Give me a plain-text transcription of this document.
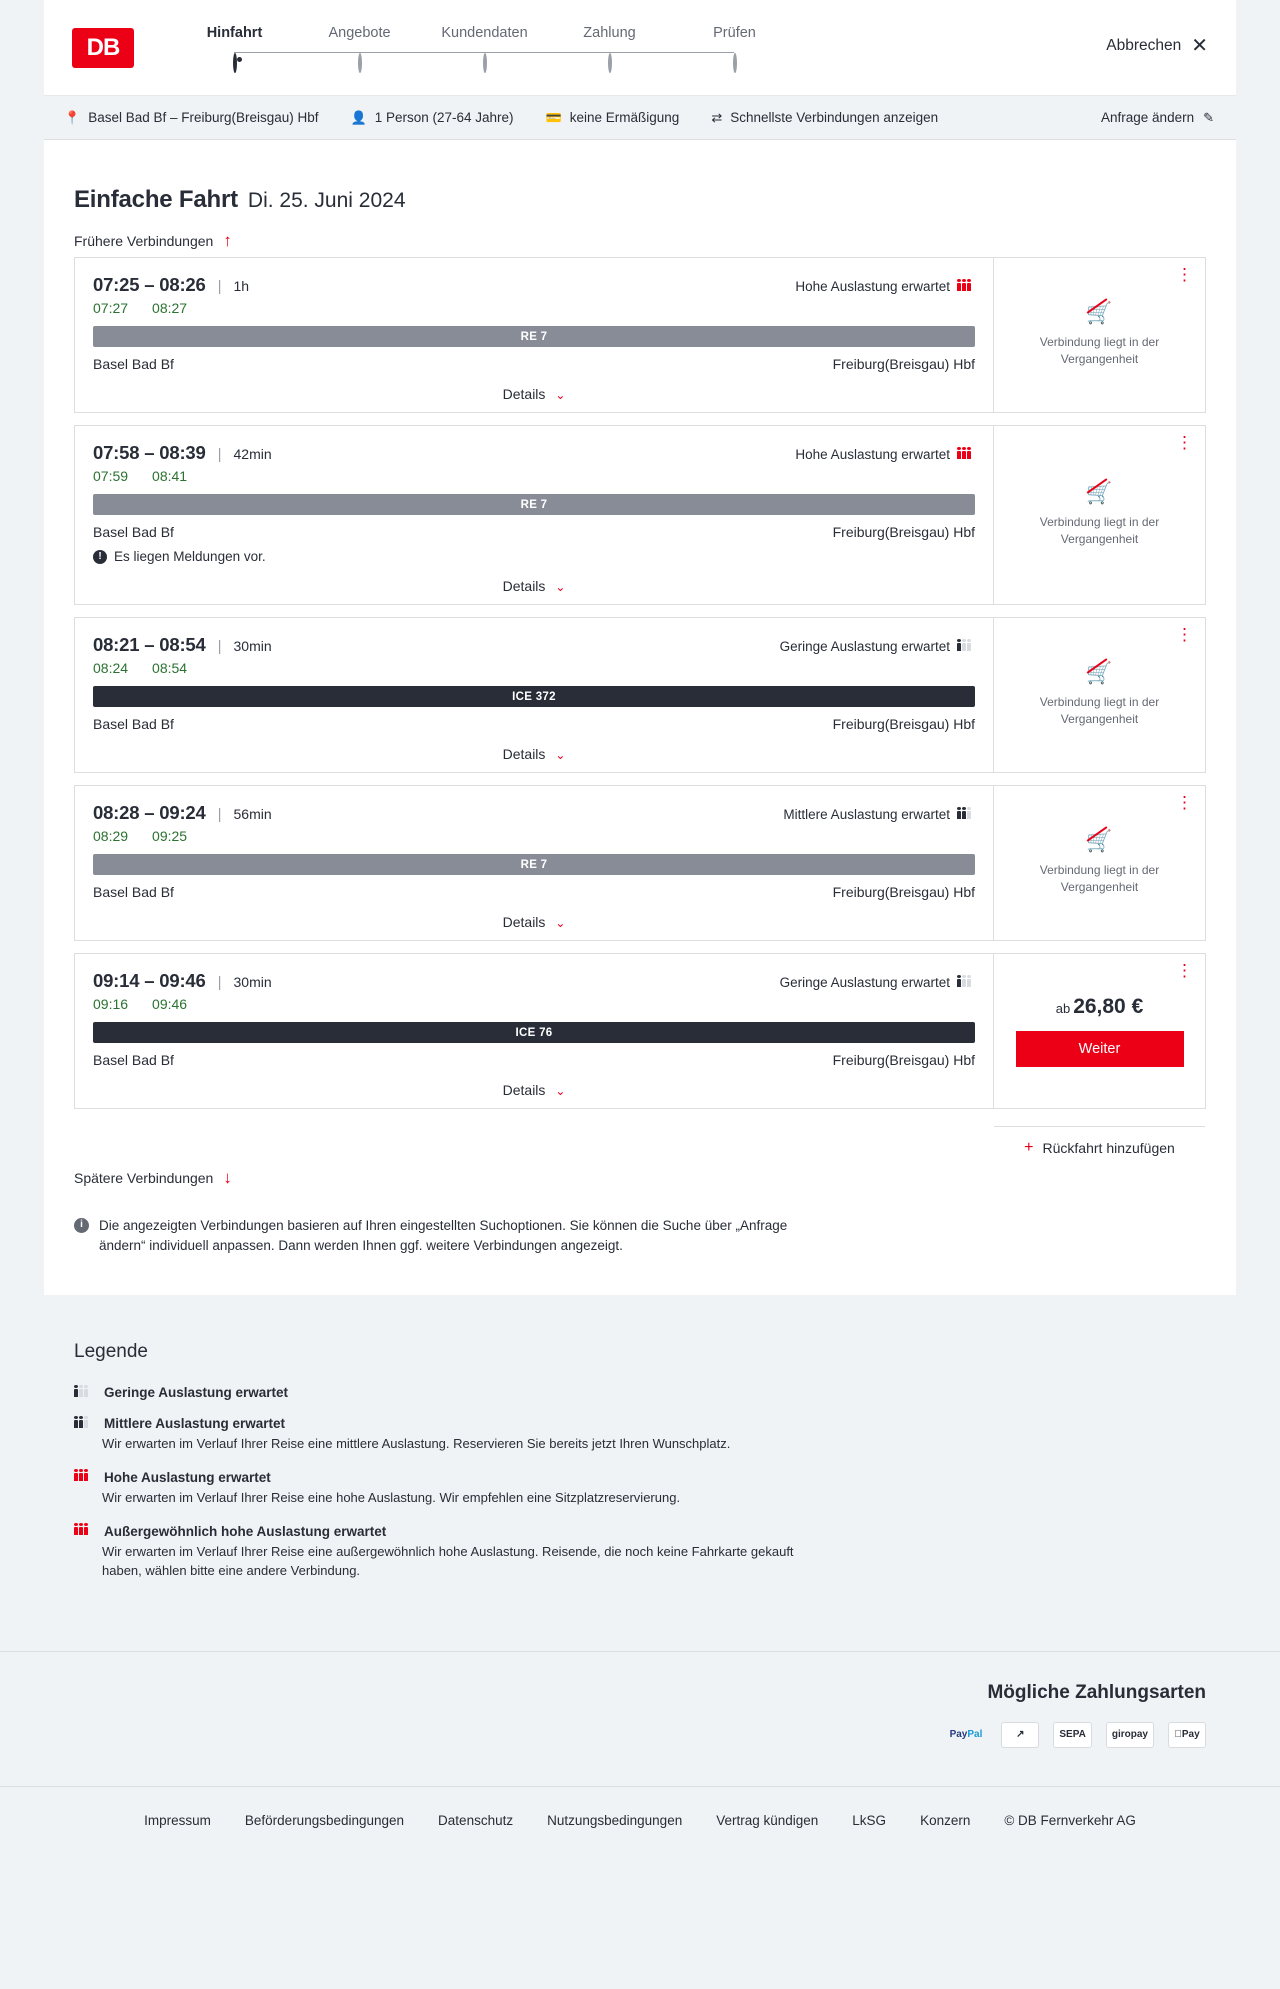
DB
Hinfahrt	Angebote	Kundendaten	Zahlung	Prüfen
Abbrechen ✕
📍 Basel Bad Bf – Freiburg(Breisgau) Hbf 👤 1 Person (27-64 Jahre) 💳 keine Ermäßigung ⇄ Schnellste Verbindungen anzeigen	Anfrage ändern ✎
Einfache Fahrt Di. 25. Juni 2024
Frühere Verbindungen ↑
07:25 – 08:26 | 1h	Hohe Auslastung erwartet
07:27 08:27
RE 7
Basel Bad Bf	Freiburg(Breisgau) Hbf
Details ⌄
⋮
🛒
Verbindung liegt in der Vergangenheit
07:58 – 08:39 | 42min	Hohe Auslastung erwartet
07:59 08:41
RE 7
Basel Bad Bf	Freiburg(Breisgau) Hbf
! Es liegen Meldungen vor.
Details ⌄
⋮
🛒
Verbindung liegt in der Vergangenheit
08:21 – 08:54 | 30min	Geringe Auslastung erwartet
08:24 08:54
ICE 372
Basel Bad Bf	Freiburg(Breisgau) Hbf
Details ⌄
⋮
🛒
Verbindung liegt in der Vergangenheit
08:28 – 09:24 | 56min	Mittlere Auslastung erwartet
08:29 09:25
RE 7
Basel Bad Bf	Freiburg(Breisgau) Hbf
Details ⌄
⋮
🛒
Verbindung liegt in der Vergangenheit
09:14 – 09:46 | 30min	Geringe Auslastung erwartet
09:16 09:46
ICE 76
Basel Bad Bf	Freiburg(Breisgau) Hbf
Details ⌄
⋮
ab 26,80 €
Weiter
+ Rückfahrt hinzufügen
Spätere Verbindungen ↓
i	Die angezeigten Verbindungen basieren auf Ihren eingestellten Suchoptionen. Sie können die Suche über „Anfrage ändern“ individuell anpassen. Dann werden Ihnen ggf. weitere Verbindungen angezeigt.
Legende
Geringe Auslastung erwartet
Mittlere Auslastung erwartet
Wir erwarten im Verlauf Ihrer Reise eine mittlere Auslastung. Reservieren Sie bereits jetzt Ihren Wunschplatz.
Hohe Auslastung erwartet
Wir erwarten im Verlauf Ihrer Reise eine hohe Auslastung. Wir empfehlen eine Sitzplatzreservierung.
Außergewöhnlich hohe Auslastung erwartet
Wir erwarten im Verlauf Ihrer Reise eine außergewöhnlich hohe Auslastung. Reisende, die noch keine Fahrkarte gekauft haben, wählen bitte eine andere Verbindung.
Mögliche Zahlungsarten
Pay Pal	↗	SEPA	giropay	Pay
Impressum	Beförderungsbedingungen	Datenschutz	Nutzungsbedingungen	Vertrag kündigen	LkSG	Konzern	© DB Fernverkehr AG
